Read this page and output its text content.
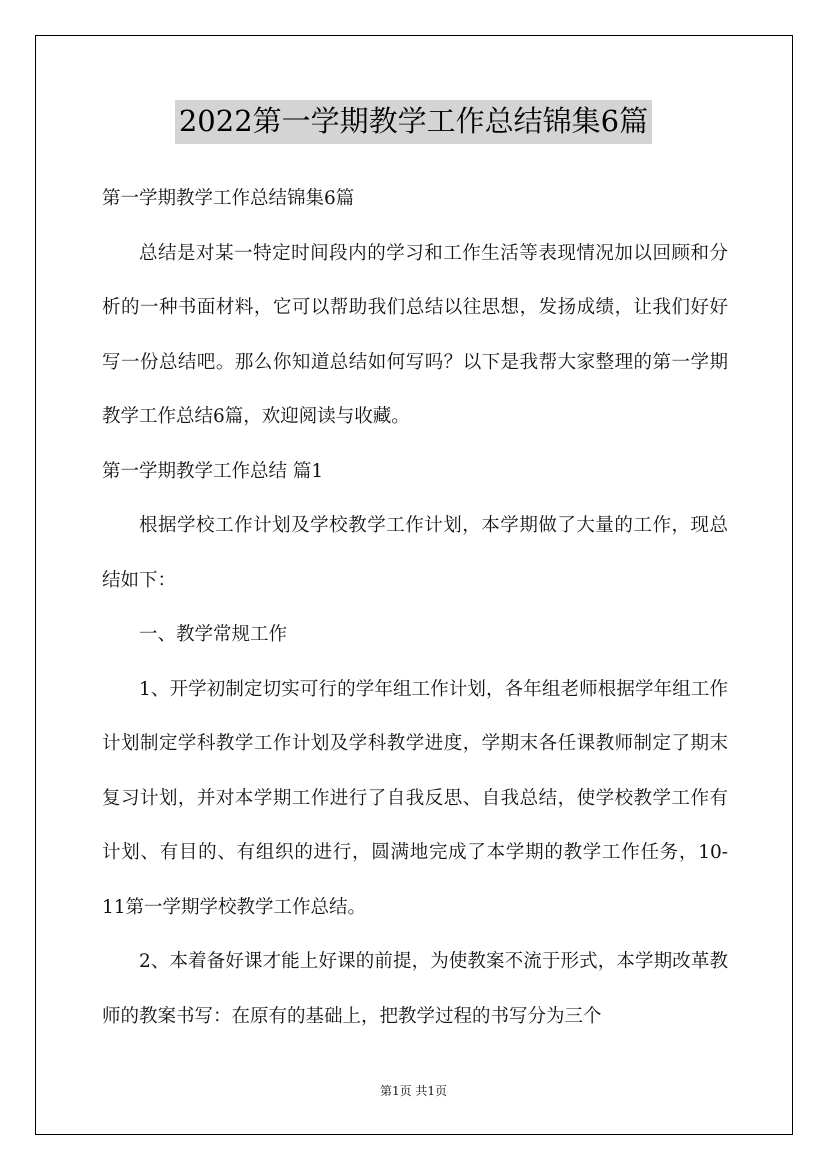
2022第一学期教学工作总结锦集6篇

第一学期教学工作总结锦集6篇

总结是对某一特定时间段内的学习和工作生活等表现情况加以回顾和分析的一种书面材料，它可以帮助我们总结以往思想，发扬成绩，让我们好好写一份总结吧。那么你知道总结如何写吗？以下是我帮大家整理的第一学期教学工作总结6篇，欢迎阅读与收藏。

第一学期教学工作总结 篇1

根据学校工作计划及学校教学工作计划，本学期做了大量的工作，现总结如下：

一、教学常规工作

1、开学初制定切实可行的学年组工作计划，各年组老师根据学年组工作计划制定学科教学工作计划及学科教学进度，学期末各任课教师制定了期末复习计划，并对本学期工作进行了自我反思、自我总结，使学校教学工作有计划、有目的、有组织的进行，圆满地完成了本学期的教学工作任务，10-11第一学期学校教学工作总结。

2、本着备好课才能上好课的前提，为使教案不流于形式，本学期改革教师的教案书写：在原有的基础上，把教学过程的书写分为三个

第1页 共1页
